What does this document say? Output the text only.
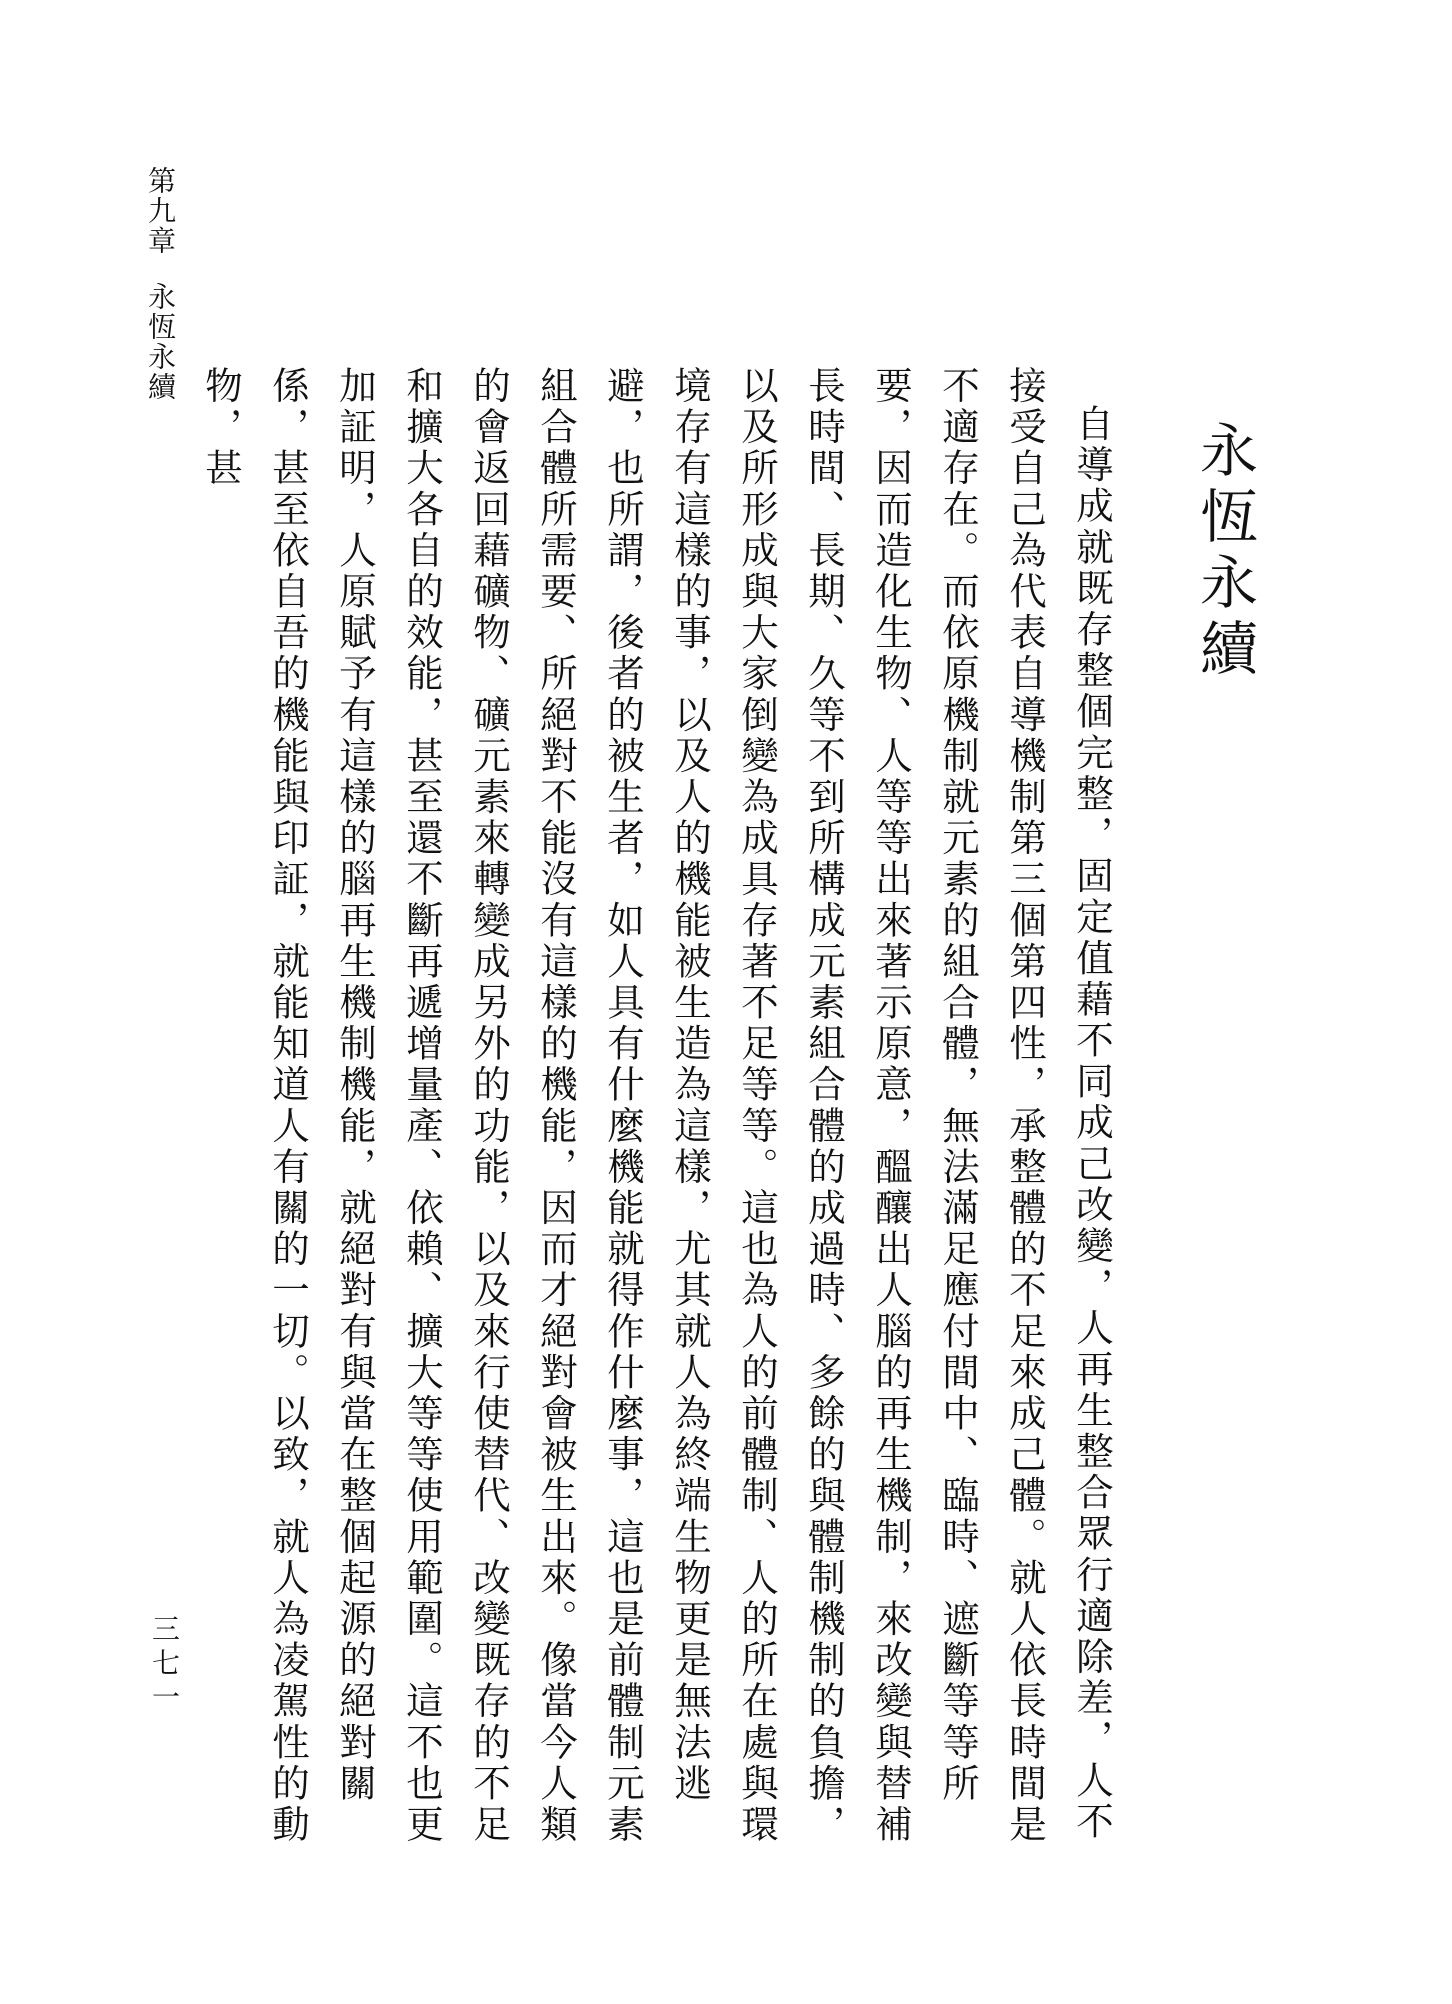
第九章永恆永續
永恆永續

自導成就既存整個完整，固定值藉不同成己改變，人再生整合眾行適除差，人不接受自己為代表自導機制第三個第四性，承整體的不足來成己體。就人依長時間是不適存在。而依原機制就元素的組合體，無法滿足應付間中、臨時、遮斷等等所要，因而造化生物、人等等出來著示原意，醞釀出人腦的再生機制，來改變與替補長時間、長期、久等不到所構成元素組合體的成過時、多餘的與體制機制的負擔，以及所形成與大家倒變為成具存著不足等等。這也為人的前體制、人的所在處與環境存有這樣的事，以及人的機能被生造為這樣，尤其就人為終端生物更是無法逃避，也所謂，後者的被生者，如人具有什麼機能就得作什麼事，這也是前體制元素組合體所需要、所絕對不能沒有這樣的機能，因而才絕對會被生出來。像當今人類的會返回藉礦物、礦元素來轉變成另外的功能，以及來行使替代、改變既存的不足和擴大各自的效能，甚至還不斷再遞增量產、依賴、擴大等等使用範圍。這不也更加証明，人原賦予有這樣的腦再生機制機能，就絕對有與當在整個起源的絕對關係，甚至依自吾的機能與印証，就能知道人有關的一切。以致，就人為凌駕性的動物，甚

三七一
